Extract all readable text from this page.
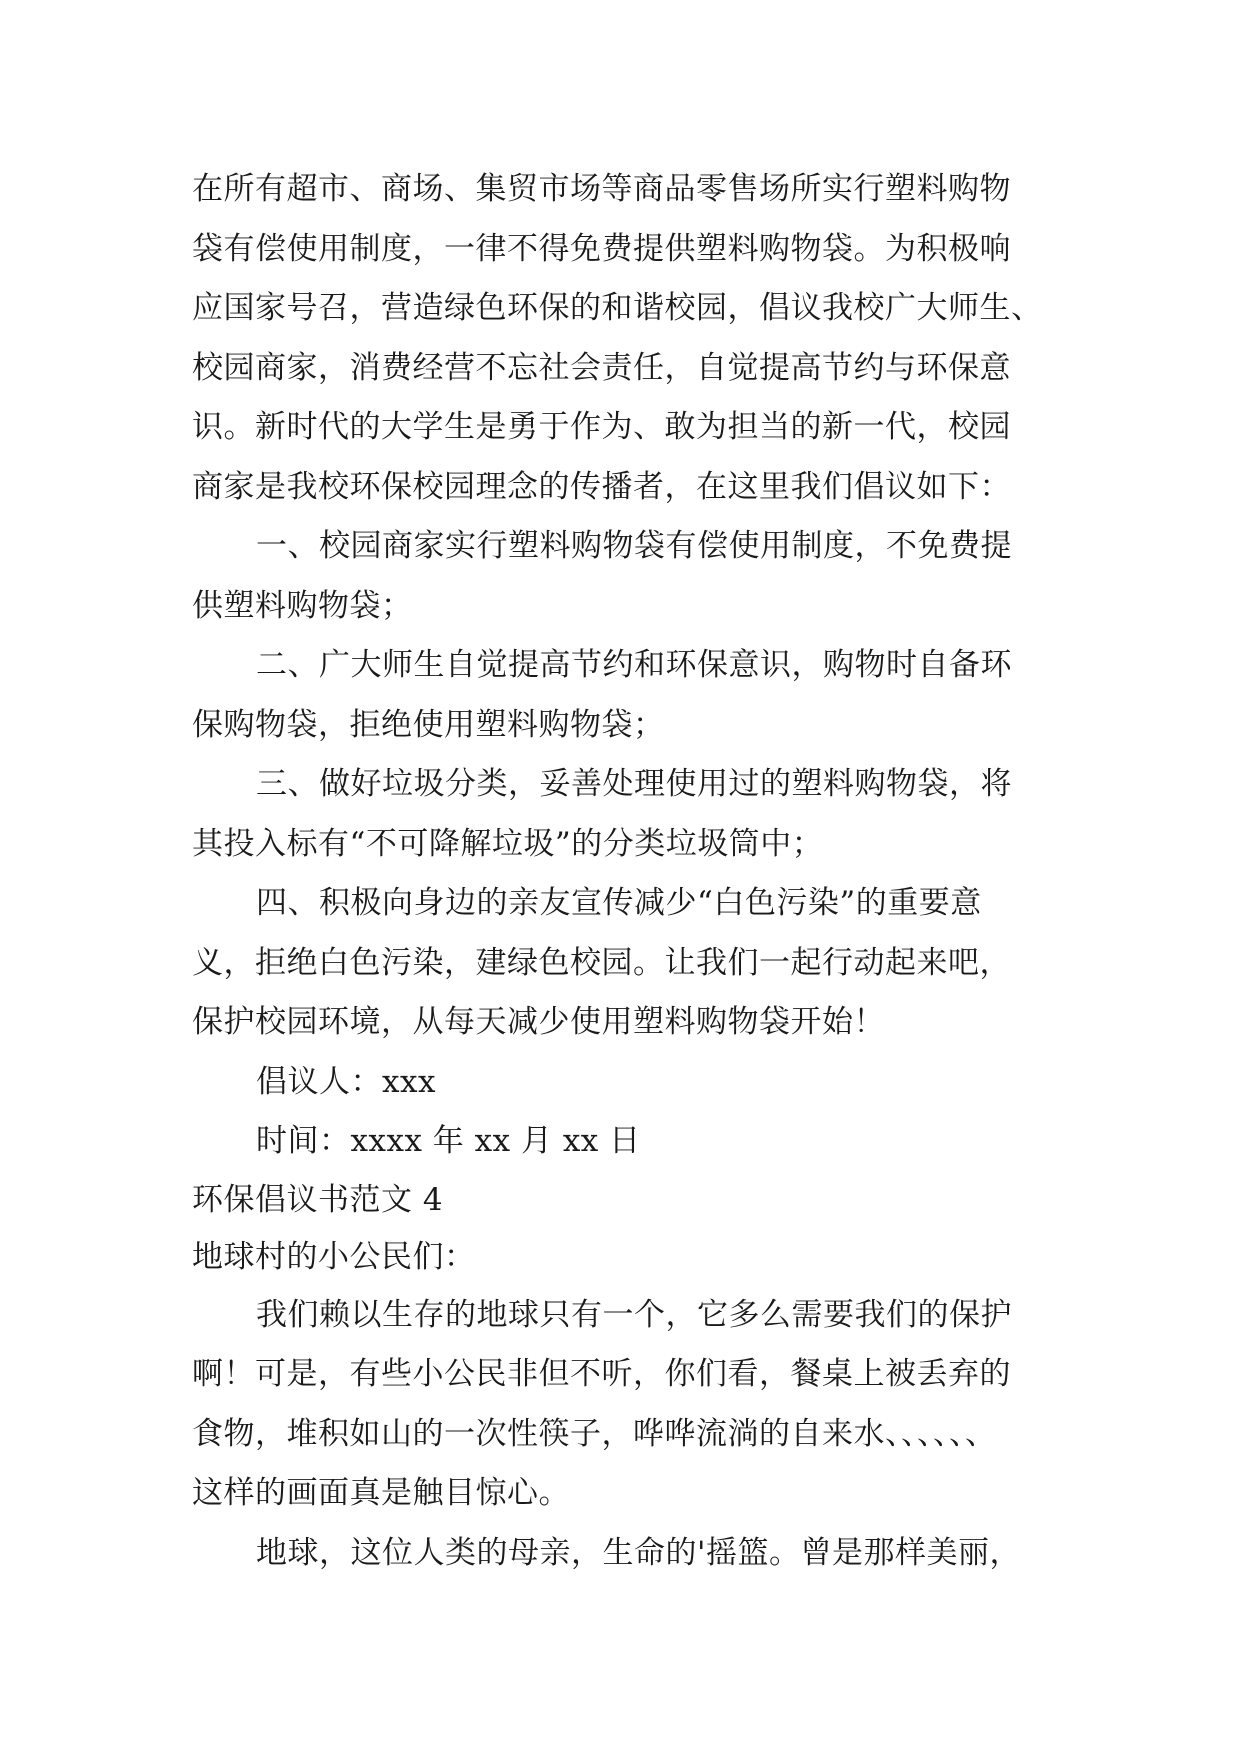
在所有超市、商场、集贸市场等商品零售场所实行塑料购物
袋有偿使用制度，一律不得免费提供塑料购物袋。为积极响
应国家号召，营造绿色环保的和谐校园，倡议我校广大师生、
校园商家，消费经营不忘社会责任，自觉提高节约与环保意
识。新时代的大学生是勇于作为、敢为担当的新一代，校园
商家是我校环保校园理念的传播者，在这里我们倡议如下：

一、校园商家实行塑料购物袋有偿使用制度，不免费提
供塑料购物袋；

二、广大师生自觉提高节约和环保意识，购物时自备环
保购物袋，拒绝使用塑料购物袋；

三、做好垃圾分类，妥善处理使用过的塑料购物袋，将
其投入标有“不可降解垃圾”的分类垃圾筒中；

四、积极向身边的亲友宣传减少“白色污染”的重要意
义，拒绝白色污染，建绿色校园。让我们一起行动起来吧，
保护校园环境，从每天减少使用塑料购物袋开始！

倡议人：xxx

时间：xxxx 年 xx 月 xx 日

环保倡议书范文 4

地球村的小公民们：

我们赖以生存的地球只有一个，它多么需要我们的保护
啊！可是，有些小公民非但不听，你们看，餐桌上被丢弃的
食物，堆积如山的一次性筷子，哗哗流淌的自来水、、、、、、
这样的画面真是触目惊心。

地球，这位人类的母亲，生命的'摇篮。曾是那样美丽，
